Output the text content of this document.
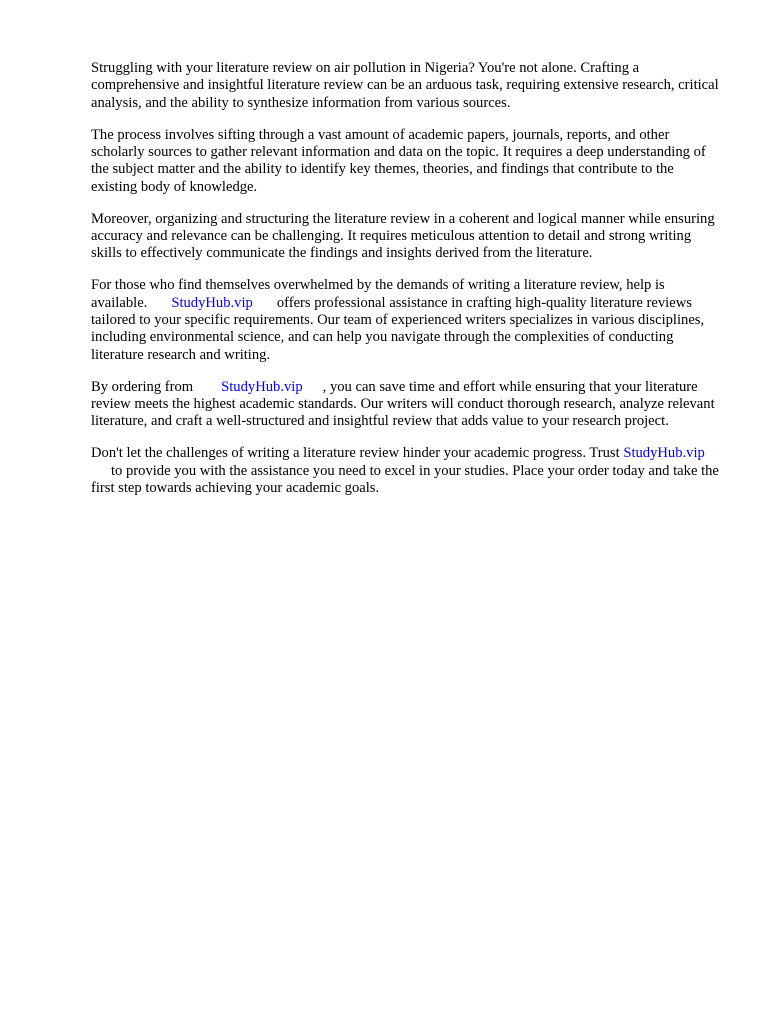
Struggling with your literature review on air pollution in Nigeria? You're not alone. Crafting a comprehensive and insightful literature review can be an arduous task, requiring extensive research, critical analysis, and the ability to synthesize information from various sources.

The process involves sifting through a vast amount of academic papers, journals, reports, and other scholarly sources to gather relevant information and data on the topic. It requires a deep understanding of the subject matter and the ability to identify key themes, theories, and findings that contribute to the existing body of knowledge.

Moreover, organizing and structuring the literature review in a coherent and logical manner while ensuring accuracy and relevance can be challenging. It requires meticulous attention to detail and strong writing skills to effectively communicate the findings and insights derived from the literature.

For those who find themselves overwhelmed by the demands of writing a literature review, help is available. StudyHub.vip offers professional assistance in crafting high-quality literature reviews tailored to your specific requirements. Our team of experienced writers specializes in various disciplines, including environmental science, and can help you navigate through the complexities of conducting literature research and writing.

By ordering from StudyHub.vip , you can save time and effort while ensuring that your literature review meets the highest academic standards. Our writers will conduct thorough research, analyze relevant literature, and craft a well-structured and insightful review that adds value to your research project.

Don't let the challenges of writing a literature review hinder your academic progress. Trust StudyHub.vipto provide you with the assistance you need to excel in your studies. Place your order today and take the first step towards achieving your academic goals.
